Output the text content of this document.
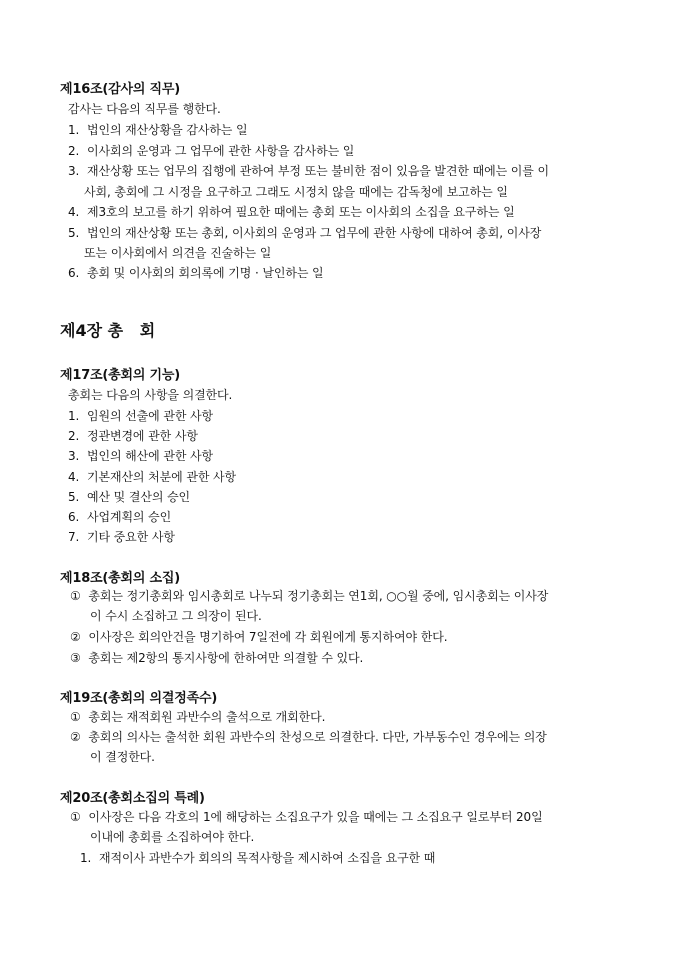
제16조(감사의 직무)
감사는 다음의 직무를 행한다.
1. 법인의 재산상황을 감사하는 일
2. 이사회의 운영과 그 업무에 관한 사항을 감사하는 일
3. 재산상황 또는 업무의 집행에 관하여 부정 또는 불비한 점이 있음을 발견한 때에는 이를 이
사회, 총회에 그 시정을 요구하고 그래도 시정치 않을 때에는 감독청에 보고하는 일
4. 제3호의 보고를 하기 위하여 필요한 때에는 총회 또는 이사회의 소집을 요구하는 일
5. 법인의 재산상황 또는 총회, 이사회의 운영과 그 업무에 관한 사항에 대하여 총회, 이사장
또는 이사회에서 의견을 진술하는 일
6. 총회 및 이사회의 회의록에 기명 · 날인하는 일
제4장 총   회
제17조(총회의 기능)
총회는 다음의 사항을 의결한다.
1. 임원의 선출에 관한 사항
2. 정관변경에 관한 사항
3. 법인의 해산에 관한 사항
4. 기본재산의 처분에 관한 사항
5. 예산 및 결산의 승인
6. 사업계획의 승인
7. 기타 중요한 사항
제18조(총회의 소집)
① 총회는 정기총회와 임시총회로 나누되 정기총회는 연1회, ○○월 중에, 임시총회는 이사장
이 수시 소집하고 그 의장이 된다.
② 이사장은 회의안건을 명기하여 7일전에 각 회원에게 통지하여야 한다.
③ 총회는 제2항의 통지사항에 한하여만 의결할 수 있다.
제19조(총회의 의결정족수)
① 총회는 재적회원 과반수의 출석으로 개회한다.
② 총회의 의사는 출석한 회원 과반수의 찬성으로 의결한다. 다만, 가부동수인 경우에는 의장
이 결정한다.
제20조(총회소집의 특례)
① 이사장은 다음 각호의 1에 해당하는 소집요구가 있을 때에는 그 소집요구 일로부터 20일
이내에 총회를 소집하여야 한다.
1. 재적이사 과반수가 회의의 목적사항을 제시하여 소집을 요구한 때
